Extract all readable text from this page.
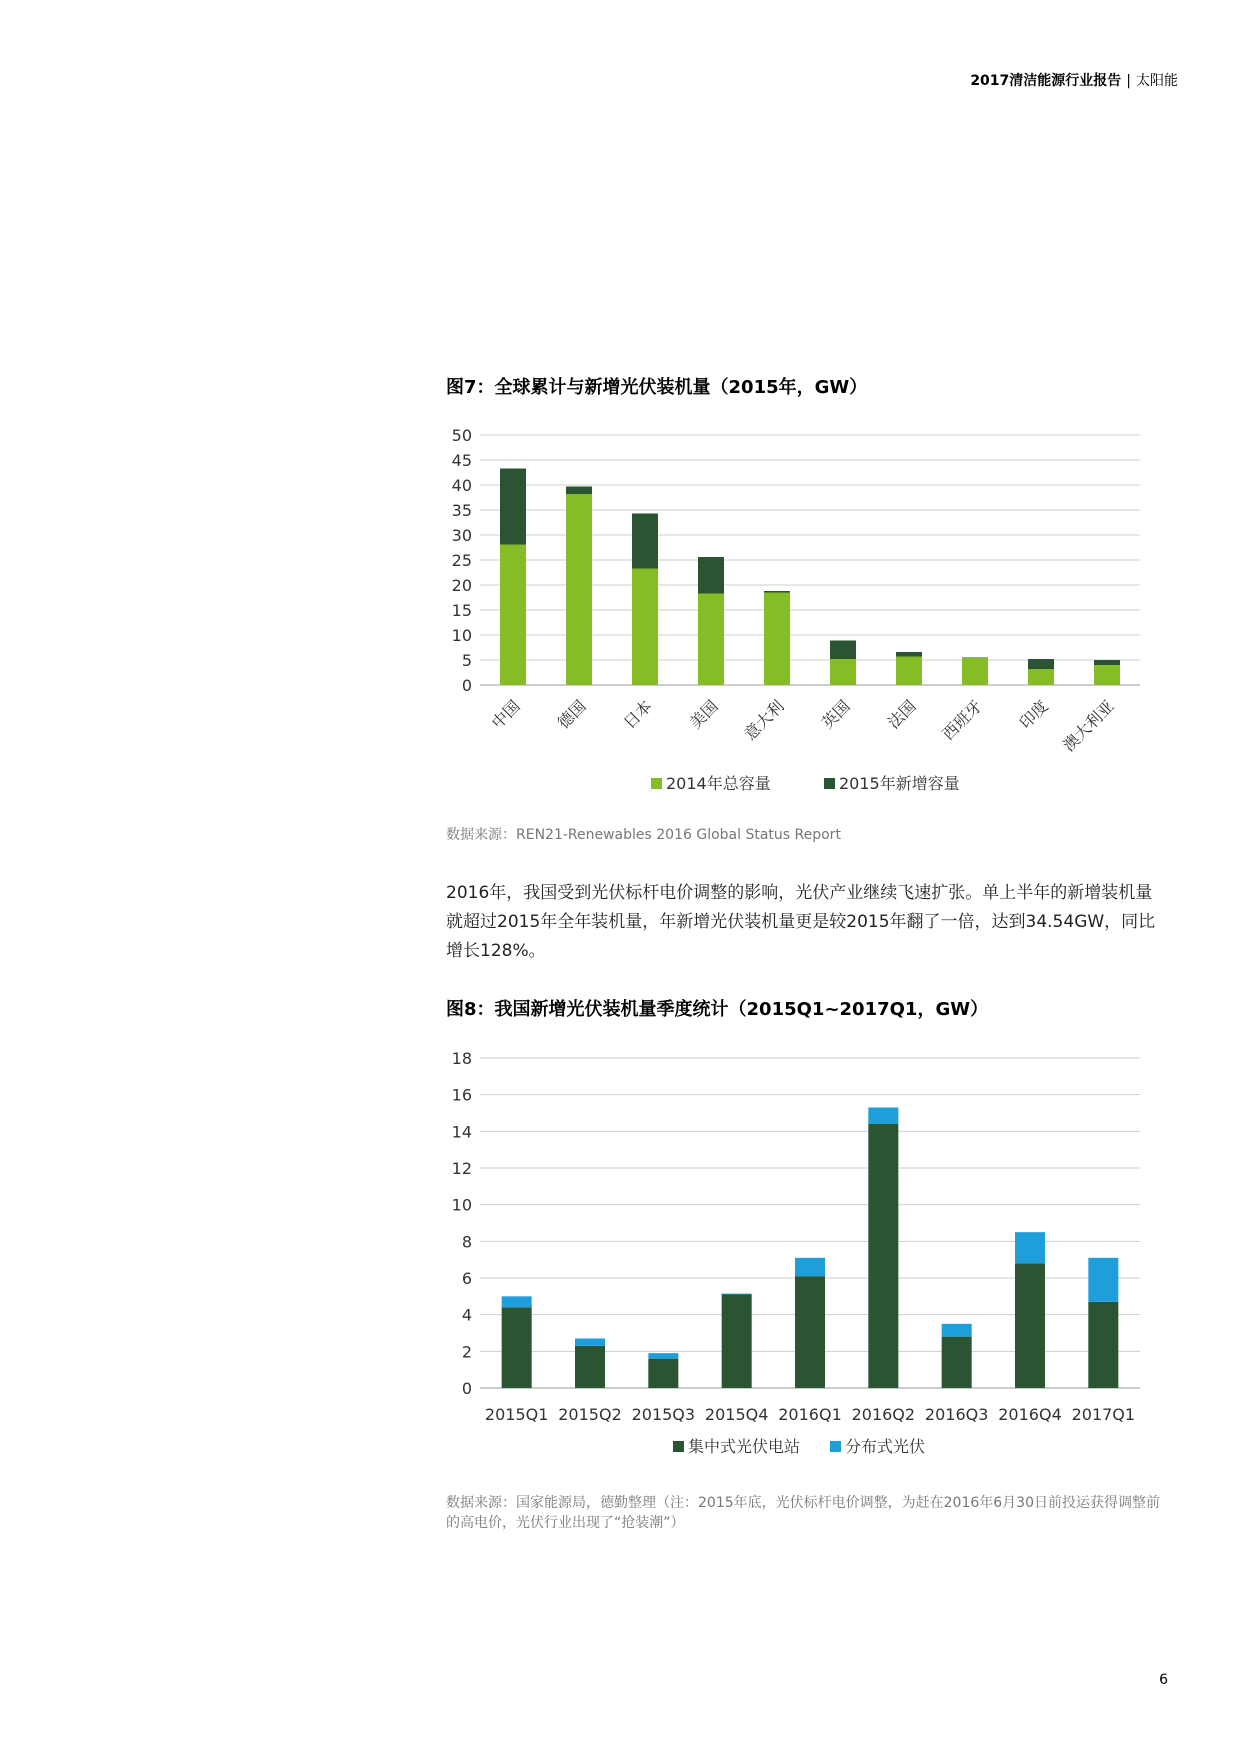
2017清洁能源行业报告 | 太阳能
图7：全球累计与新增光伏装机量（2015年，GW）
0
5
10
15
20
25
30
35
40
45
50
中国 德国 日本 美国 意大利 英国 法国 西班牙 印度 澳大利亚
2014年总容量	2015年新增容量
数据来源：REN21-Renewables 2016 Global Status Report
2016年，我国受到光伏标杆电价调整的影响，光伏产业继续飞速扩张。单上半年的新增装机量就超过2015年全年装机量，年新增光伏装机量更是较2015年翻了一倍，达到34.54GW，同比增长128%。
图8：我国新增光伏装机量季度统计（2015Q1~2017Q1，GW）
0
2
4
6
8
10
12
14
16
18
2015Q1 2015Q2 2015Q3 2015Q4 2016Q1 2016Q2 2016Q3 2016Q4 2017Q1
集中式光伏电站	分布式光伏
数据来源：国家能源局，德勤整理（注：2015年底，光伏标杆电价调整，为赶在2016年6月30日前投运获得调整前的高电价，光伏行业出现了“抢装潮”）
6
